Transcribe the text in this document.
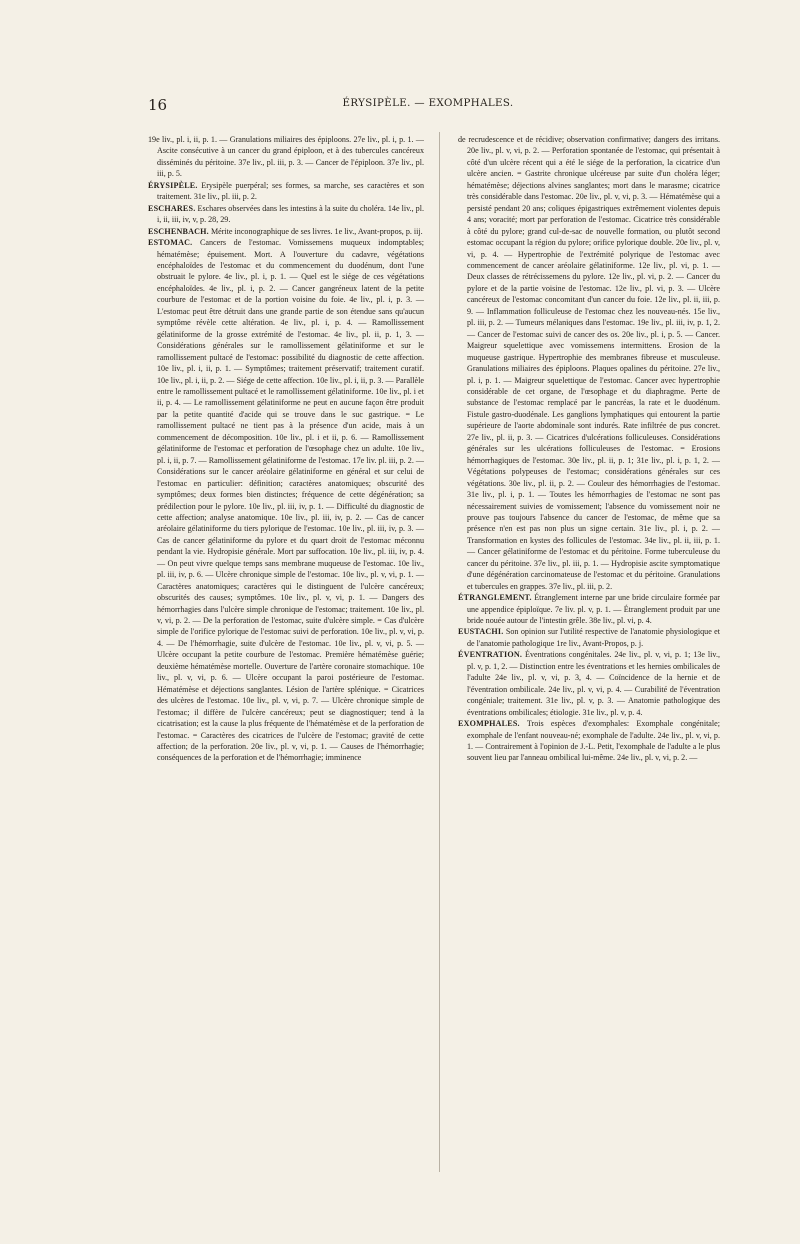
16	ÉRYSIPÈLE. — EXOMPHALES.

19e liv., pl. i, ii, p. 1. — Granulations miliaires des épiploons. 27e liv., pl. i, p. 1. — Ascite consécutive à un cancer du grand épiploon, et à des tubercules cancéreux disséminés du péritoine. 37e liv., pl. iii, p. 3. — Cancer de l'épiploon. 37e liv., pl. iii, p. 5.

ÉRYSIPÈLE. Erysipèle puerpéral; ses formes, sa marche, ses caractères et son traitement. 31e liv., pl. iii, p. 2.

ESCHARES. Eschares observées dans les intestins à la suite du choléra. 14e liv., pl. i, ii, iii, iv, v, p. 28, 29.

ESCHENBACH. Mérite inconographique de ses livres. 1e liv., Avant-propos, p. iij.

ESTOMAC. Cancers de l'estomac. Vomissemens muqueux indomptables; hématémèse; épuisement. Mort. A l'ouverture du cadavre, végétations encéphaloïdes de l'estomac et du commencement du duodénum, dont l'une obstruait le pylore. 4e liv., pl. i, p. 1. — Quel est le siége de ces végétations encéphaloïdes. 4e liv., pl. i, p. 2. — Cancer gangréneux latent de la petite courbure de l'estomac et de la portion voisine du foie. 4e liv., pl. i, p. 3. — L'estomac peut être détruit dans une grande partie de son étendue sans qu'aucun symptôme révèle cette altération. 4e liv., pl. i, p. 4. — Ramollissement gélatiniforme de la grosse extrémité de l'estomac. 4e liv., pl. ii, p. 1, 3. — Considérations générales sur le ramollissement gélatiniforme et sur le ramollissement pultacé de l'estomac: possibilité du diagnostic de cette affection. 10e liv., pl. i, ii, p. 1. — Symptômes; traitement préservatif; traitement curatif. 10e liv., pl. i, ii, p. 2. — Siége de cette affection. 10e liv., pl. i, ii, p. 3. — Parallèle entre le ramollissement pultacé et le ramollissement gélatiniforme. 10e liv., pl. i et ii, p. 4. — Le ramollissement gélatiniforme ne peut en aucune façon être produit par la petite quantité d'acide qui se trouve dans le suc gastrique. = Le ramollissement pultacé ne tient pas à la présence d'un acide, mais à un commencement de décomposition. 10e liv., pl. i et ii, p. 6. — Ramollissement gélatiniforme de l'estomac et perforation de l'œsophage chez un adulte. 10e liv., pl. i, ii, p. 7. — Ramollissement gélatiniforme de l'estomac. 17e liv. pl. iii, p. 2. — Considérations sur le cancer aréolaire gélatiniforme en général et sur celui de l'estomac en particulier: définition; caractères anatomiques; obscurité des symptômes; deux formes bien distinctes; fréquence de cette dégénération; sa prédilection pour le pylore. 10e liv., pl. iii, iv, p. 1. — Difficulté du diagnostic de cette affection; analyse anatomique. 10e liv., pl. iii, iv, p. 2. — Cas de cancer aréolaire gélatiniforme du tiers pylorique de l'estomac. 10e liv., pl. iii, iv, p. 3. — Cas de cancer gélatiniforme du pylore et du quart droit de l'estomac méconnu pendant la vie. Hydropisie générale. Mort par suffocation. 10e liv., pl. iii, iv, p. 4. — On peut vivre quelque temps sans membrane muqueuse de l'estomac. 10e liv., pl. iii, iv, p. 6. — Ulcère chronique simple de l'estomac. 10e liv., pl. v, vi, p. 1. — Caractères anatomiques; caractères qui le distinguent de l'ulcère cancéreux; obscurités des causes; symptômes. 10e liv., pl. v, vi, p. 1. — Dangers des hémorrhagies dans l'ulcère simple chronique de l'estomac; traitement. 10e liv., pl. v, vi, p. 2. — De la perforation de l'estomac, suite d'ulcère simple. = Cas d'ulcère simple de l'orifice pylorique de l'estomac suivi de perforation. 10e liv., pl. v, vi, p. 4. — De l'hémorrhagie, suite d'ulcère de l'estomac. 10e liv., pl. v, vi, p. 5. — Ulcère occupant la petite courbure de l'estomac. Première hématémèse guérie; deuxième hématémèse mortelle. Ouverture de l'artère coronaire stomachique. 10e liv., pl. v, vi, p. 6. — Ulcère occupant la paroi postérieure de l'estomac. Hématémèse et déjections sanglantes. Lésion de l'artère splénique. = Cicatrices des ulcères de l'estomac. 10e liv., pl. v, vi, p. 7. — Ulcère chronique simple de l'estomac; il diffère de l'ulcère cancéreux; peut se diagnostiquer; tend à la cicatrisation; est la cause la plus fréquente de l'hématémèse et de la perforation de l'estomac. = Caractères des cicatrices de l'ulcère de l'estomac; gravité de cette affection; de la perforation. 20e liv., pl. v, vi, p. 1. — Causes de l'hémorrhagie; conséquences de la perforation et de l'hémorrhagie; imminence

de recrudescence et de récidive; observation confirmative; dangers des irritans. 20e liv., pl. v, vi, p. 2. — Perforation spontanée de l'estomac, qui présentait à côté d'un ulcère récent qui a été le siége de la perforation, la cicatrice d'un ulcère ancien. = Gastrite chronique ulcéreuse par suite d'un choléra léger; hématémèse; déjections alvines sanglantes; mort dans le marasme; cicatrice très considérable dans l'estomac. 20e liv., pl. v, vi, p. 3. — Hématémèse qui a persisté pendant 20 ans; coliques épigastriques extrêmement violentes depuis 4 ans; voracité; mort par perforation de l'estomac. Cicatrice très considérable à côté du pylore; grand cul-de-sac de nouvelle formation, ou plutôt second estomac occupant la région du pylore; orifice pylorique double. 20e liv., pl. v, vi, p. 4. — Hypertrophie de l'extrémité polyrique de l'estomac avec commencement de cancer aréolaire gélatiniforme. 12e liv., pl. vi, p. 1. — Deux classes de rétrécissemens du pylore. 12e liv., pl. vi, p. 2. — Cancer du pylore et de la partie voisine de l'estomac. 12e liv., pl. vi, p. 3. — Ulcère cancéreux de l'estomac concomitant d'un cancer du foie. 12e liv., pl. ii, iii, p. 9. — Inflammation folliculeuse de l'estomac chez les nouveau-nés. 15e liv., pl. iii, p. 2. — Tumeurs mélaniques dans l'estomac. 19e liv., pl. iii, iv, p. 1, 2. — Cancer de l'estomac suivi de cancer des os. 20e liv., pl. i, p. 5. — Cancer. Maigreur squelettique avec vomissemens intermittens. Erosion de la muqueuse gastrique. Hypertrophie des membranes fibreuse et musculeuse. Granulations miliaires des épiploons. Plaques opalines du péritoine. 27e liv., pl. i, p. 1. — Maigreur squelettique de l'estomac. Cancer avec hypertrophie considérable de cet organe, de l'œsophage et du diaphragme. Perte de substance de l'estomac remplacé par le pancréas, la rate et le duodénum. Fistule gastro-duodénale. Les ganglions lymphatiques qui entourent la partie supérieure de l'aorte abdominale sont indurés. Rate infiltrée de pus concret. 27e liv., pl. ii, p. 3. — Cicatrices d'ulcérations folliculeuses. Considérations générales sur les ulcérations folliculeuses de l'estomac. = Erosions hémorrhagiques de l'estomac. 30e liv., pl. ii, p. 1; 31e liv., pl. i, p. 1, 2. — Végétations polypeuses de l'estomac; considérations générales sur ces végétations. 30e liv., pl. ii, p. 2. — Couleur des hémorrhagies de l'estomac. 31e liv., pl. i, p. 1. — Toutes les hémorrhagies de l'estomac ne sont pas nécessairement suivies de vomissement; l'absence du vomissement noir ne prouve pas toujours l'absence du cancer de l'estomac, de même que sa présence n'en est pas non plus un signe certain. 31e liv., pl. i, p. 2. — Transformation en kystes des follicules de l'estomac. 34e liv., pl. ii, iii, p. 1. — Cancer gélatiniforme de l'estomac et du péritoine. Forme tuberculeuse du cancer du péritoine. 37e liv., pl. iii, p. 1. — Hydropisie ascite symptomatique d'une dégénération carcinomateuse de l'estomac et du péritoine. Granulations et tubercules en grappes. 37e liv., pl. iii, p. 2.

ÉTRANGLEMENT. Étranglement interne par une bride circulaire formée par une appendice épiploïque. 7e liv. pl. v, p. 1. — Étranglement produit par une bride nouée autour de l'intestin grêle. 38e liv., pl. vi, p. 4.

EUSTACHI. Son opinion sur l'utilité respective de l'anatomie physiologique et de l'anatomie pathologique 1re liv., Avant-Propos, p. j.

ÉVENTRATION. Éventrations congénitales. 24e liv., pl. v, vi, p. 1; 13e liv., pl. v, p. 1, 2. — Distinction entre les éventrations et les hernies ombilicales de l'adulte 24e liv., pl. v, vi, p. 3, 4. — Coïncidence de la hernie et de l'éventration ombilicale. 24e liv., pl. v, vi, p. 4. — Curabilité de l'éventration congéniale; traitement. 31e liv., pl. v, p. 3. — Anatomie pathologique des éventrations ombilicales; étiologie. 31e liv., pl. v, p. 4.

EXOMPHALES. Trois espèces d'exomphales: Exomphale congénitale; exomphale de l'enfant nouveau-né; exomphale de l'adulte. 24e liv., pl. v, vi, p. 1. — Contrairement à l'opinion de J.-L. Petit, l'exomphale de l'adulte a le plus souvent lieu par l'anneau ombilical lui-même. 24e liv., pl. v, vi, p. 2. —
